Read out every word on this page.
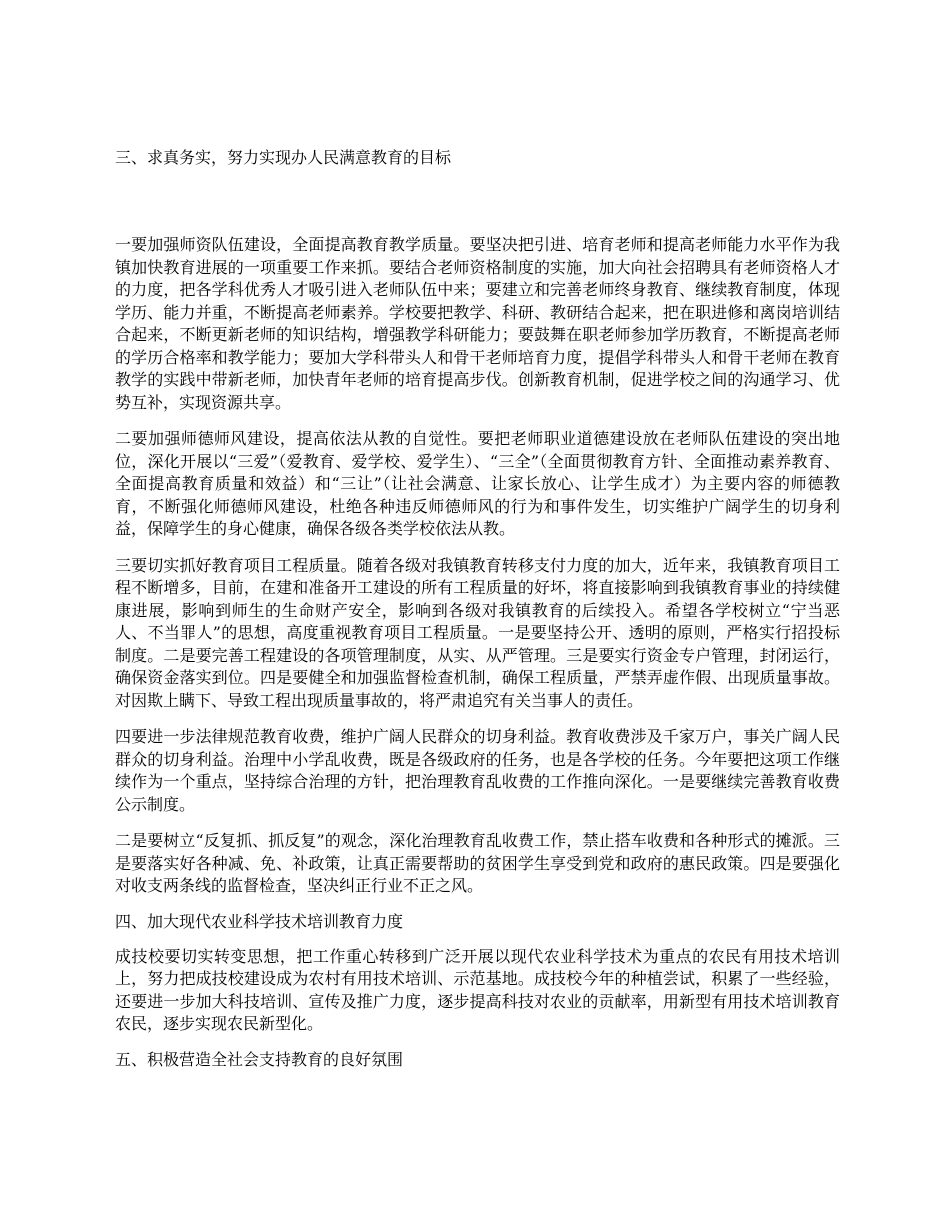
三、求真务实，努力实现办人民满意教育的目标

一要加强师资队伍建设，全面提高教育教学质量。要坚决把引进、培育老师和提高老师能力水平作为我镇加快教育进展的一项重要工作来抓。要结合老师资格制度的实施，加大向社会招聘具有老师资格人才的力度，把各学科优秀人才吸引进入老师队伍中来；要建立和完善老师终身教育、继续教育制度，体现学历、能力并重，不断提高老师素养。学校要把教学、科研、教研结合起来，把在职进修和离岗培训结合起来，不断更新老师的知识结构，增强教学科研能力；要鼓舞在职老师参加学历教育，不断提高老师的学历合格率和教学能力；要加大学科带头人和骨干老师培育力度，提倡学科带头人和骨干老师在教育教学的实践中带新老师，加快青年老师的培育提高步伐。创新教育机制，促进学校之间的沟通学习、优势互补，实现资源共享。

二要加强师德师风建设，提高依法从教的自觉性。要把老师职业道德建设放在老师队伍建设的突出地位，深化开展以“三爱”（爱教育、爱学校、爱学生）、“三全”（全面贯彻教育方针、全面推动素养教育、全面提高教育质量和效益）和“三让”（让社会满意、让家长放心、让学生成才）为主要内容的师德教育，不断强化师德师风建设，杜绝各种违反师德师风的行为和事件发生，切实维护广阔学生的切身利益，保障学生的身心健康，确保各级各类学校依法从教。

三要切实抓好教育项目工程质量。随着各级对我镇教育转移支付力度的加大，近年来，我镇教育项目工程不断增多，目前，在建和准备开工建设的所有工程质量的好坏，将直接影响到我镇教育事业的持续健康进展，影响到师生的生命财产安全，影响到各级对我镇教育的后续投入。希望各学校树立“宁当恶人、不当罪人”的思想，高度重视教育项目工程质量。一是要坚持公开、透明的原则，严格实行招投标制度。二是要完善工程建设的各项管理制度，从实、从严管理。三是要实行资金专户管理，封闭运行，确保资金落实到位。四是要健全和加强监督检查机制，确保工程质量，严禁弄虚作假、出现质量事故。对因欺上瞒下、导致工程出现质量事故的，将严肃追究有关当事人的责任。

四要进一步法律规范教育收费，维护广阔人民群众的切身利益。教育收费涉及千家万户，事关广阔人民群众的切身利益。治理中小学乱收费，既是各级政府的任务，也是各学校的任务。今年要把这项工作继续作为一个重点，坚持综合治理的方针，把治理教育乱收费的工作推向深化。一是要继续完善教育收费公示制度。

二是要树立“反复抓、抓反复”的观念，深化治理教育乱收费工作，禁止搭车收费和各种形式的摊派。三是要落实好各种减、免、补政策，让真正需要帮助的贫困学生享受到党和政府的惠民政策。四是要强化对收支两条线的监督检查，坚决纠正行业不正之风。

四、加大现代农业科学技术培训教育力度

成技校要切实转变思想，把工作重心转移到广泛开展以现代农业科学技术为重点的农民有用技术培训上，努力把成技校建设成为农村有用技术培训、示范基地。成技校今年的种植尝试，积累了一些经验，还要进一步加大科技培训、宣传及推广力度，逐步提高科技对农业的贡献率，用新型有用技术培训教育农民，逐步实现农民新型化。

五、积极营造全社会支持教育的良好氛围
